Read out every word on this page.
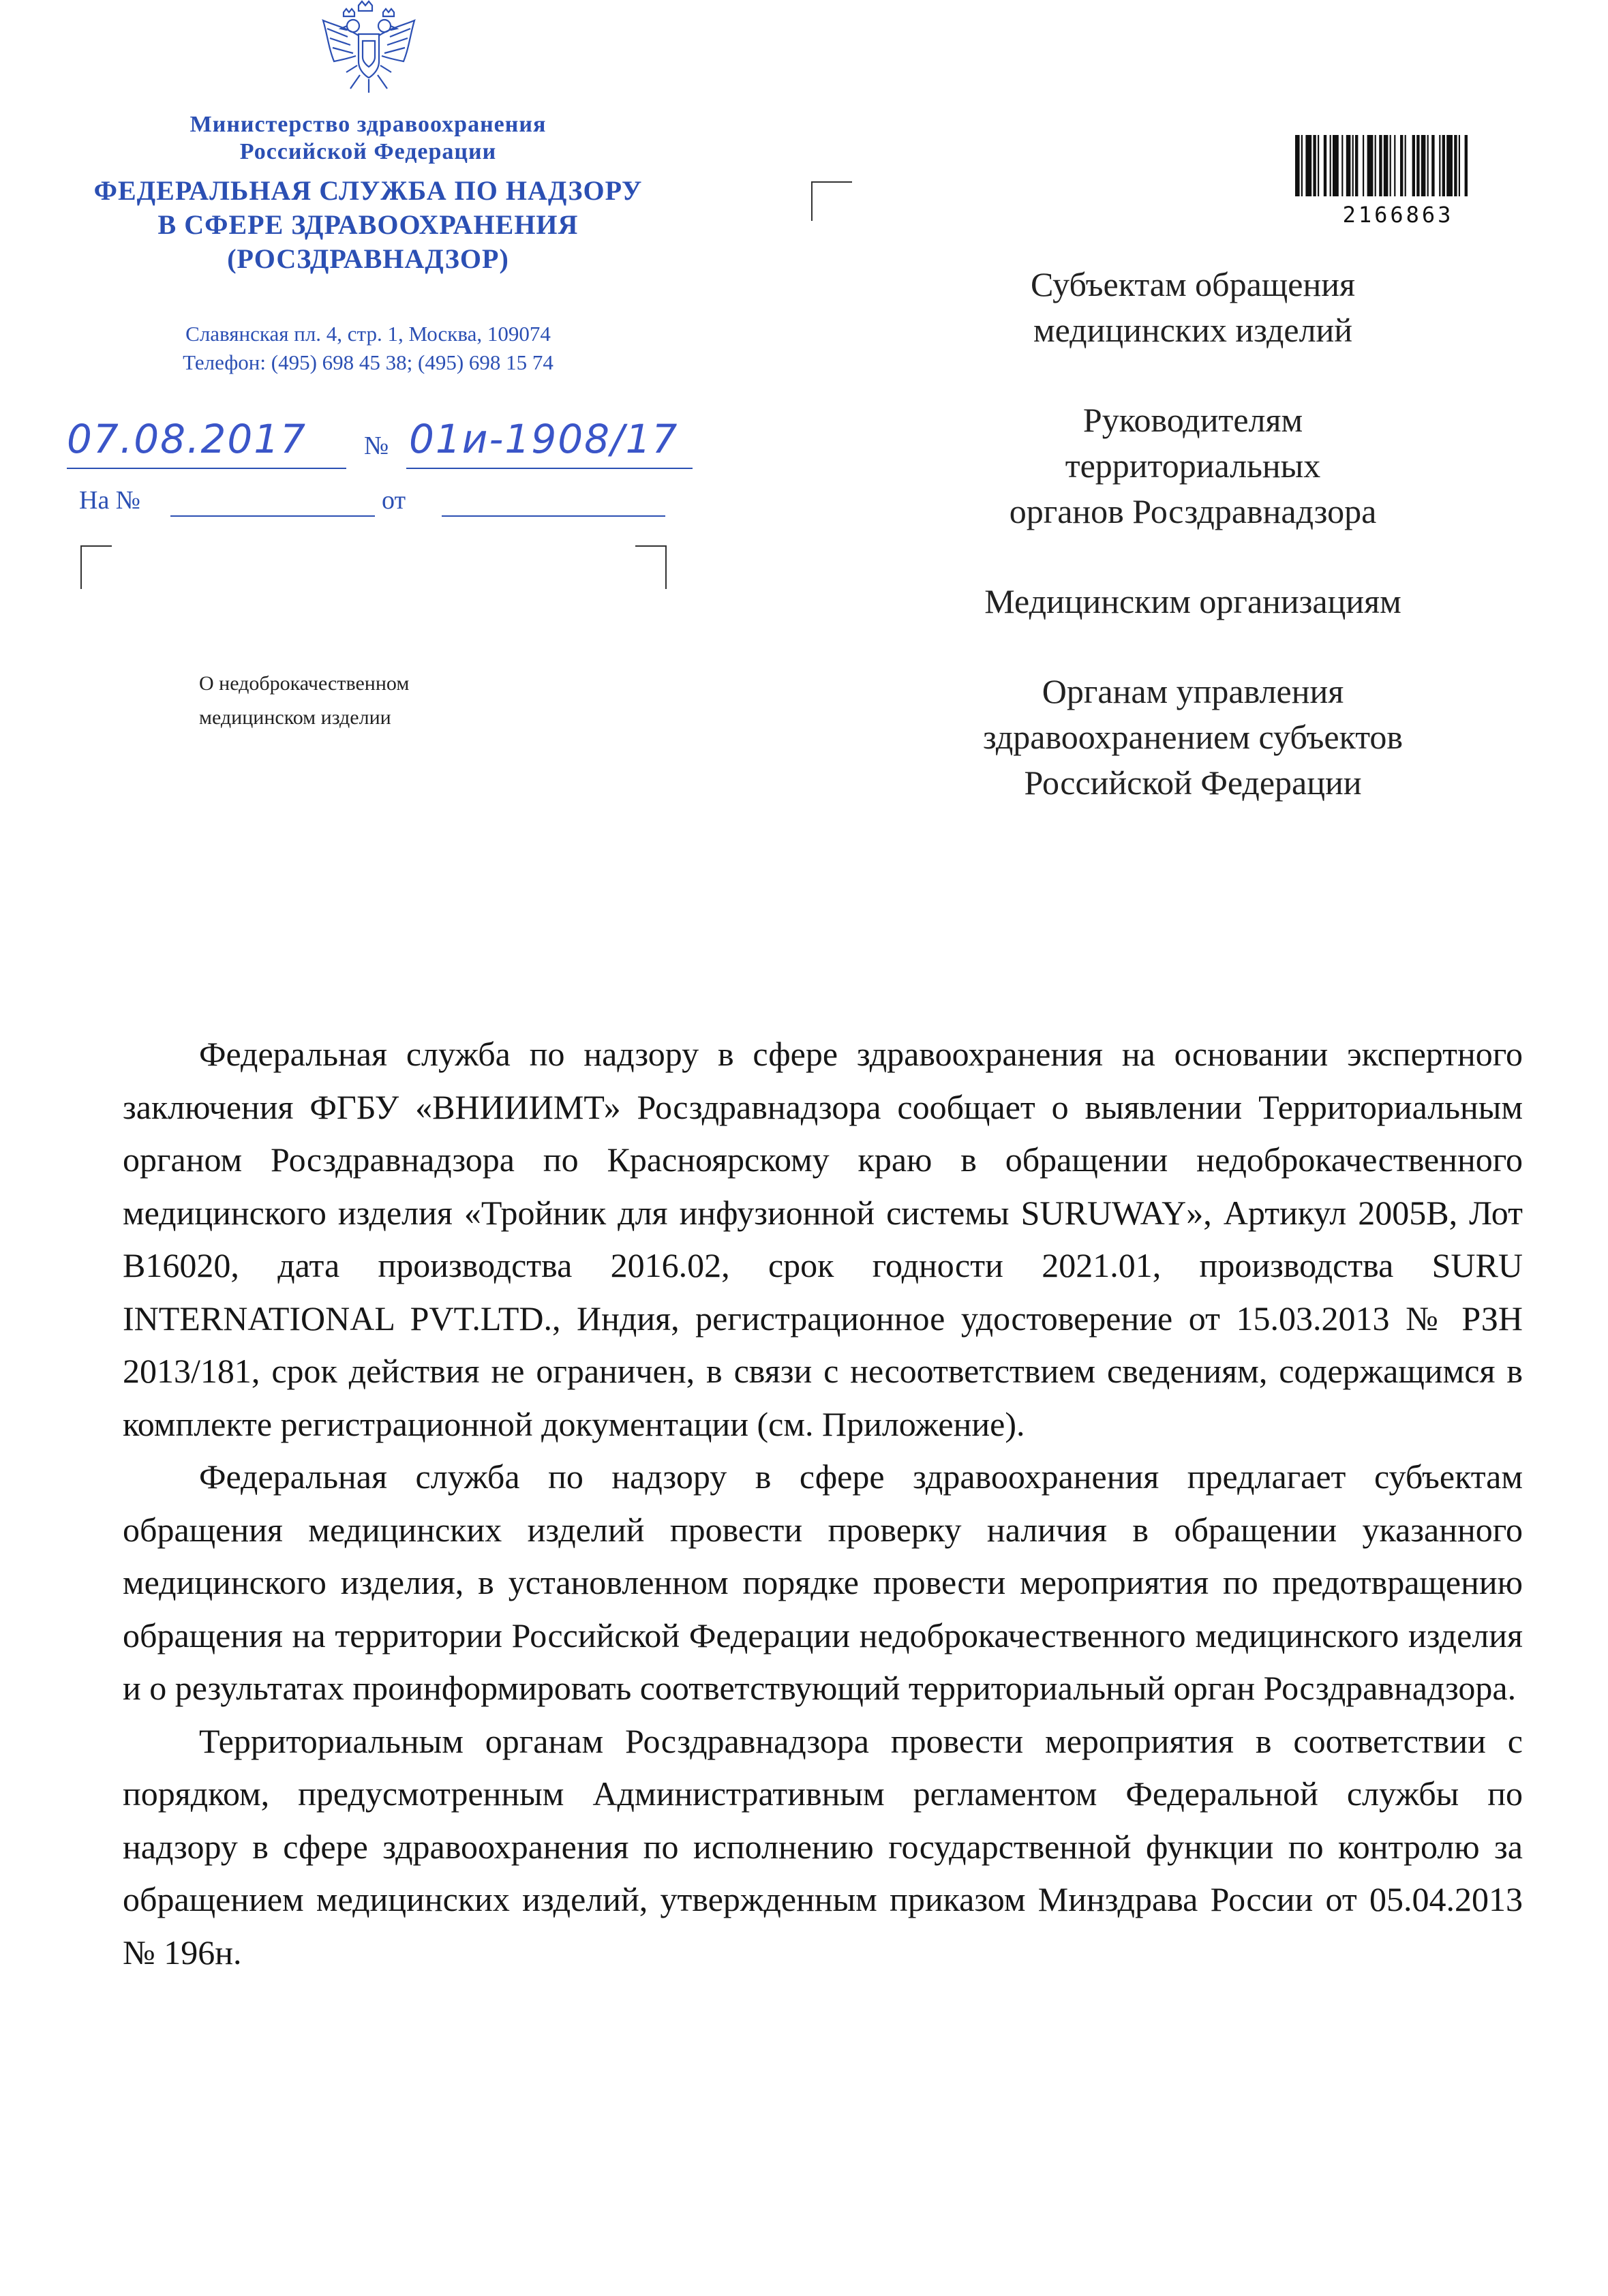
Министерство здравоохранения
Российской Федерации
ФЕДЕРАЛЬНАЯ СЛУЖБА ПО НАДЗОРУ
В СФЕРЕ ЗДРАВООХРАНЕНИЯ
(РОСЗДРАВНАДЗОР)
Славянская пл. 4, стр. 1, Москва, 109074
Телефон: (495) 698 45 38; (495) 698 15 74
07.08.2017 № 01и-1908/17
На №	от
О недоброкачественном
медицинском изделии
2166863
Субъектам обращения
медицинских изделий
Руководителям
территориальных
органов Росздравнадзора
Медицинским организациям
Органам управления
здравоохранением субъектов
Российской Федерации

Федеральная служба по надзору в сфере здравоохранения на основании экспертного заключения ФГБУ «ВНИИИМТ» Росздравнадзора сообщает о выявлении Территориальным органом Росздравнадзора по Красноярскому краю в обращении недоброкачественного медицинского изделия «Тройник для инфузионной системы SURUWAY», Артикул 2005B, Лот B16020, дата производства 2016.02, срок годности 2021.01, производства SURU INTERNATIONAL PVT.LTD., Индия, регистрационное удостоверение от 15.03.2013 № РЗН 2013/181, срок действия не ограничен, в связи с несоответствием сведениям, содержащимся в комплекте регистрационной документации (см. Приложение).

Федеральная служба по надзору в сфере здравоохранения предлагает субъектам обращения медицинских изделий провести проверку наличия в обращении указанного медицинского изделия, в установленном порядке провести мероприятия по предотвращению обращения на территории Российской Федерации недоброкачественного медицинского изделия и о результатах проинформировать соответствующий территориальный орган Росздравнадзора.

Территориальным органам Росздравнадзора провести мероприятия в соответствии с порядком, предусмотренным Административным регламентом Федеральной службы по надзору в сфере здравоохранения по исполнению государственной функции по контролю за обращением медицинских изделий, утвержденным приказом Минздрава России от 05.04.2013 № 196н.
